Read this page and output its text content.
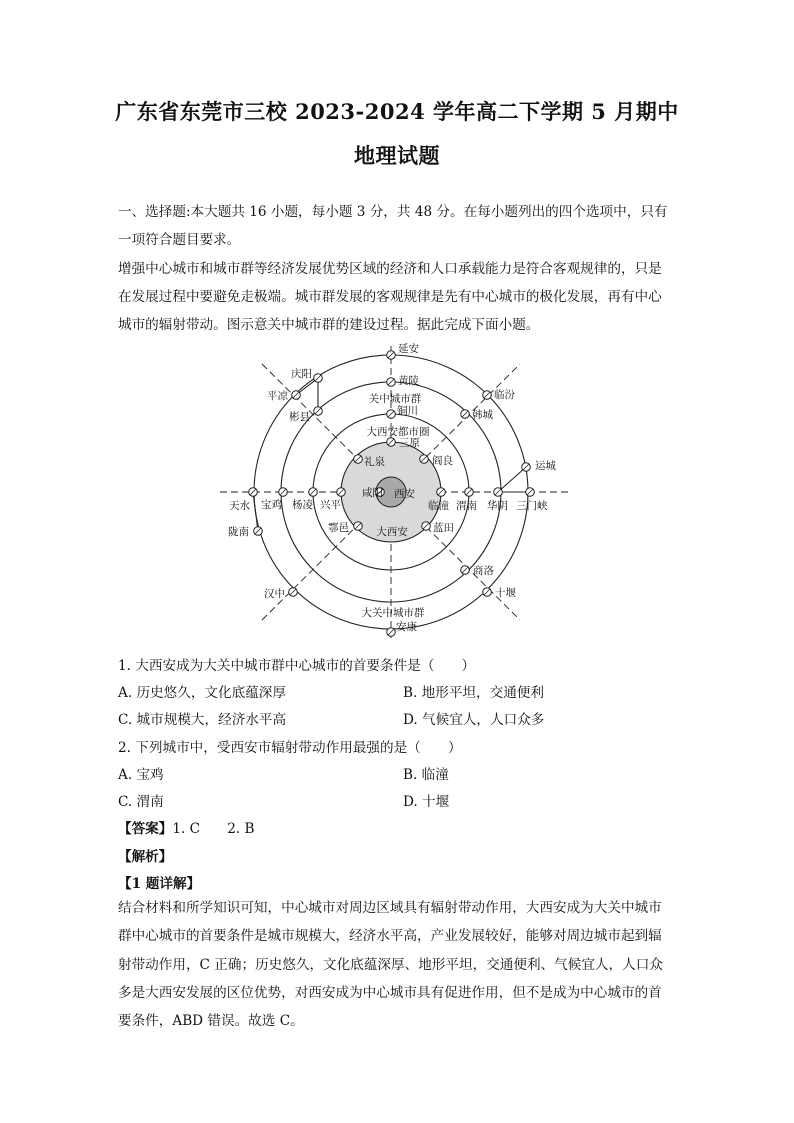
广东省东莞市三校 2023-2024 学年高二下学期 5 月期中
地理试题

一、选择题:本大题共 16 小题，每小题 3 分，共 48 分。在每小题列出的四个选项中，只有

一项符合题目要求。

增强中心城市和城市群等经济发展优势区域的经济和人口承载能力是符合客观规律的，只是

在发展过程中要避免走极端。城市群发展的客观规律是先有中心城市的极化发展，再有中心

城市的辐射带动。图示意关中城市群的建设过程。据此完成下面小题。

关中城市群
大西安都市圈
大西安
大关中城市群
延安
黄陵
铜川
三原
庆阳
平凉
彬县
临汾
韩城
运城
礼泉	阎良
咸阳 西安
天水 宝鸡 杨凌 兴平	临潼 渭南 华阴 三门峡
陇南	鄠邑	蓝田
商洛
汉中	十堰
安康
1. 大西安成为大关中城市群中心城市的首要条件是（　　）
A. 历史悠久，文化底蕴深厚	B. 地形平坦，交通便利
C. 城市规模大，经济水平高	D. 气候宜人，人口众多
2. 下列城市中，受西安市辐射带动作用最强的是（　　）
A. 宝鸡	B. 临潼
C. 渭南	D. 十堰
【答案】1. C　　2. B
【解析】
【1 题详解】

结合材料和所学知识可知，中心城市对周边区域具有辐射带动作用，大西安成为大关中城市

群中心城市的首要条件是城市规模大，经济水平高，产业发展较好，能够对周边城市起到辐

射带动作用，C 正确；历史悠久，文化底蕴深厚、地形平坦，交通便利、气候宜人，人口众

多是大西安发展的区位优势，对西安成为中心城市具有促进作用，但不是成为中心城市的首

要条件，ABD 错误。故选 C。
